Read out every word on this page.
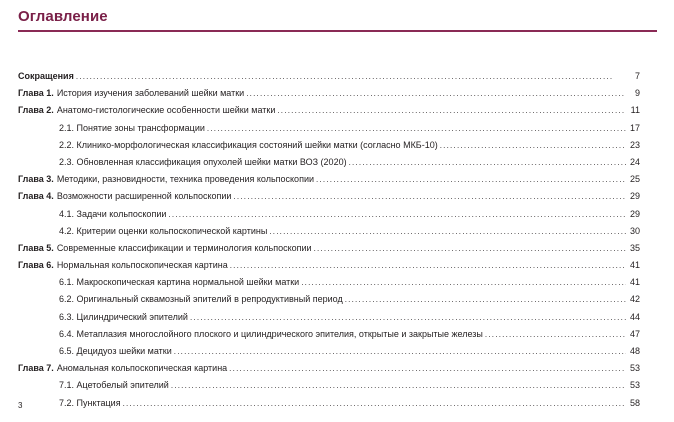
Оглавление
Сокращения . . .	7
Глава 1. История изучения заболеваний шейки матки . . .	9
Глава 2. Анатомо-гистологические особенности шейки матки . . .	11
2.1. Понятие зоны трансформации . . .	17
2.2. Клинико-морфологическая классификация состояний шейки матки (согласно МКБ-10) . . .	23
2.3. Обновленная классификация опухолей шейки матки ВОЗ (2020) . . .	24
Глава 3. Методики, разновидности, техника проведения кольпоскопии . . .	25
Глава 4. Возможности расширенной кольпоскопии . . .	29
4.1. Задачи кольпоскопии . . .	29
4.2. Критерии оценки кольпоскопической картины . . .	30
Глава 5. Современные классификации и терминология кольпоскопии . . .	35
Глава 6. Нормальная кольпоскопическая картина . . .	41
6.1. Макроскопическая картина нормальной шейки матки . . .	41
6.2. Оригинальный сквамозный эпителий в репродуктивный период . . .	42
6.3. Цилиндрический эпителий . . .	44
6.4. Метаплазия многослойного плоского и цилиндрического эпителия, открытые и закрытые железы . . .	47
6.5. Децидуоз шейки матки . . .	48
Глава 7. Аномальная кольпоскопическая картина . . .	53
7.1. Ацетобелый эпителий . . .	53
7.2. Пунктация . . .	58
3
